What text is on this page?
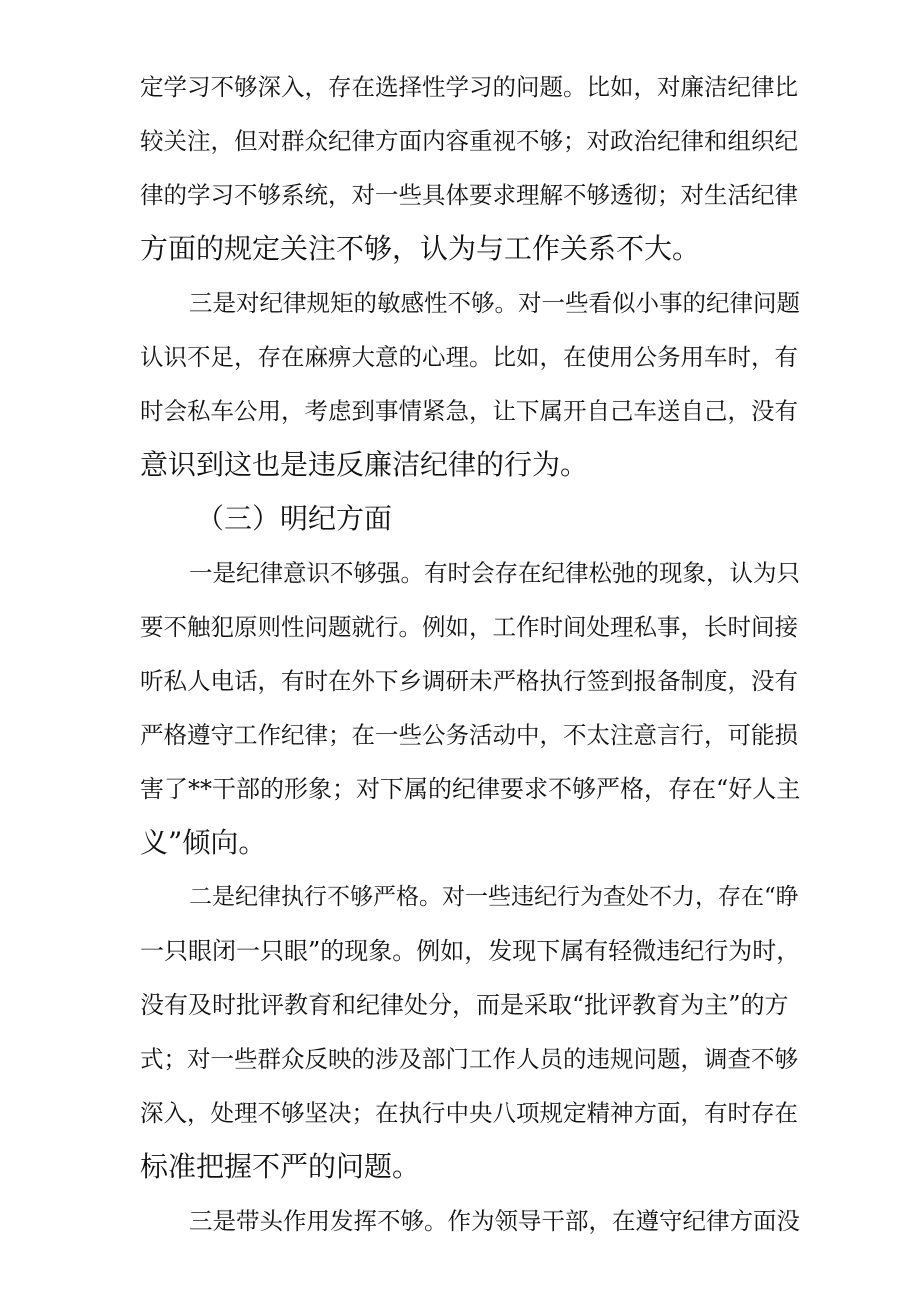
定学习不够深入，存在选择性学习的问题。比如，对廉洁纪律比
较关注，但对群众纪律方面内容重视不够；对政治纪律和组织纪
律的学习不够系统，对一些具体要求理解不够透彻；对生活纪律
方面的规定关注不够，认为与工作关系不大。
三是对纪律规矩的敏感性不够。对一些看似小事的纪律问题
认识不足，存在麻痹大意的心理。比如，在使用公务用车时，有
时会私车公用，考虑到事情紧急，让下属开自己车送自己，没有
意识到这也是违反廉洁纪律的行为。
（三）明纪方面
一是纪律意识不够强。有时会存在纪律松弛的现象，认为只
要不触犯原则性问题就行。例如，工作时间处理私事，长时间接
听私人电话，有时在外下乡调研未严格执行签到报备制度，没有
严格遵守工作纪律；在一些公务活动中，不太注意言行，可能损
害了**干部的形象；对下属的纪律要求不够严格，存在“好人主
义”倾向。
二是纪律执行不够严格。对一些违纪行为查处不力，存在“睁
一只眼闭一只眼”的现象。例如，发现下属有轻微违纪行为时，
没有及时批评教育和纪律处分，而是采取“批评教育为主”的方
式；对一些群众反映的涉及部门工作人员的违规问题，调查不够
深入，处理不够坚决；在执行中央八项规定精神方面，有时存在
标准把握不严的问题。
三是带头作用发挥不够。作为领导干部，在遵守纪律方面没
